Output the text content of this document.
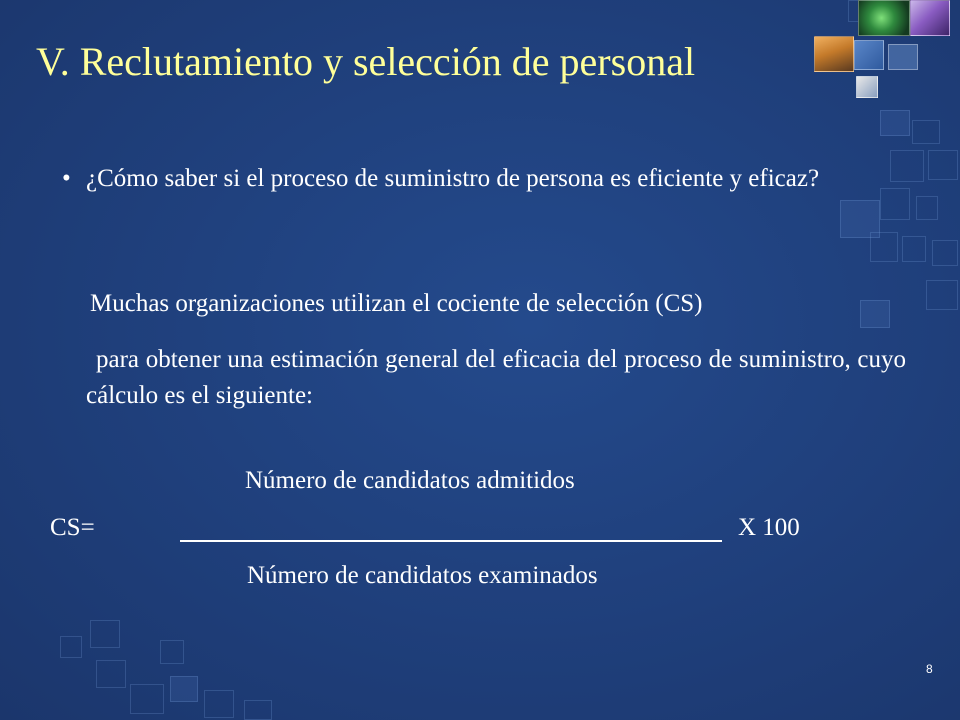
V. Reclutamiento y selección de personal
• ¿Cómo saber si el proceso de suministro de persona es eficiente y eficaz?
Muchas organizaciones utilizan el cociente de selección (CS)
para obtener una estimación general del eficacia del proceso de suministro, cuyo cálculo es el siguiente:
Número de candidatos admitidos
CS=	X 100
Número de candidatos examinados
8
